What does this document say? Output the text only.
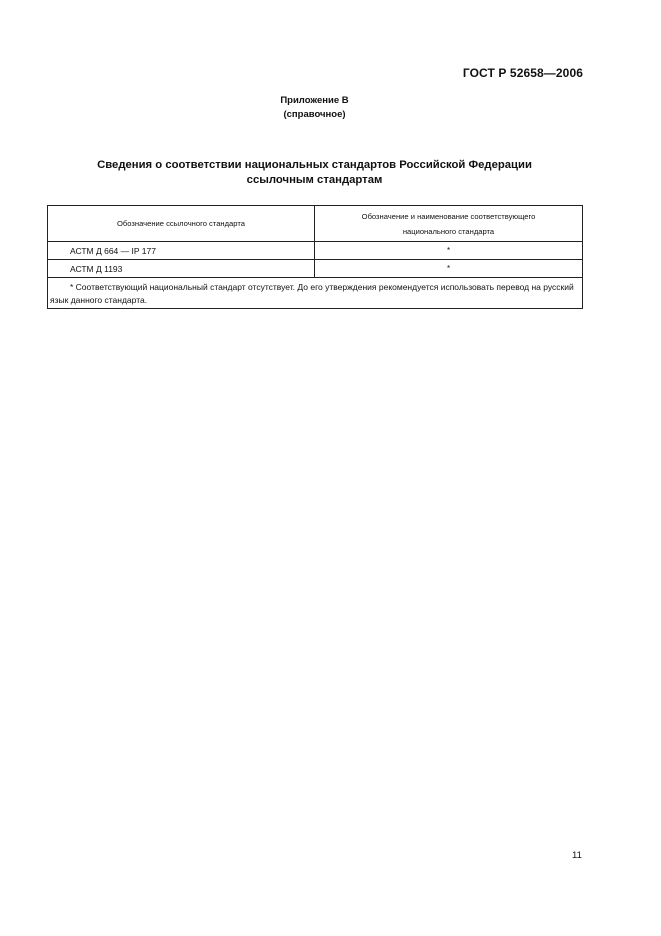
ГОСТ Р 52658—2006
Приложение В
(справочное)
Сведения о соответствии национальных стандартов Российской Федерации
ссылочным стандартам
Обозначение ссылочного стандарта	Обозначение и наименование соответствующего национального стандарта

АСТМ Д 664 — IP 177	*
АСТМ Д 1193	*
* Соответствующий национальный стандарт отсутствует. До его утверждения рекомендуется использовать перевод на русский язык данного стандарта.	
11
